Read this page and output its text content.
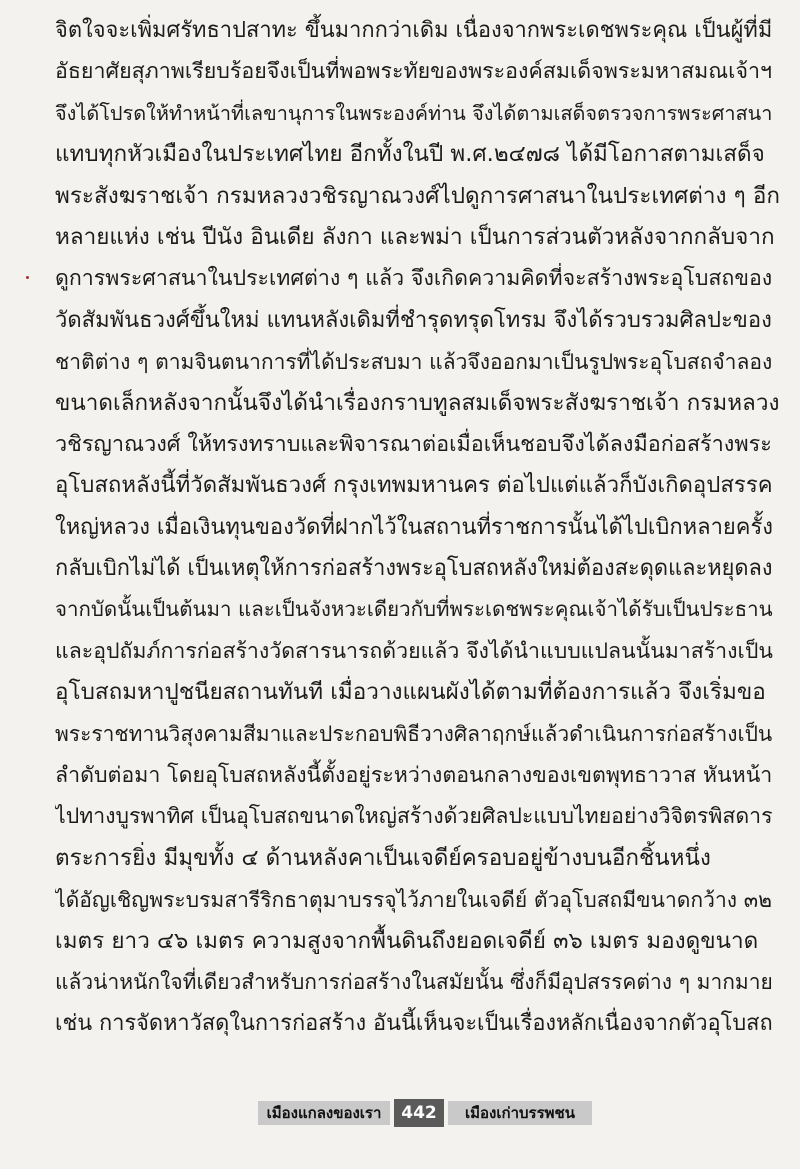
จิตใจจะเพิ่มศรัทธาปสาทะ ขึ้นมากกว่าเดิม เนื่องจากพระเดชพระคุณ เป็นผู้ที่มี
อัธยาศัยสุภาพเรียบร้อยจึงเป็นที่พอพระทัยของพระองค์สมเด็จพระมหาสมณเจ้าฯ
จึงได้โปรดให้ทำหน้าที่เลขานุการในพระองค์ท่าน จึงได้ตามเสด็จตรวจการพระศาสนา
แทบทุกหัวเมืองในประเทศไทย อีกทั้งในปี พ.ศ.๒๔๗๘ ได้มีโอกาสตามเสด็จ
พระสังฆราชเจ้า กรมหลวงวชิรญาณวงศ์ไปดูการศาสนาในประเทศต่าง ๆ อีก
หลายแห่ง เช่น ปีนัง อินเดีย ลังกา และพม่า เป็นการส่วนตัวหลังจากกลับจาก
ดูการพระศาสนาในประเทศต่าง ๆ แล้ว จึงเกิดความคิดที่จะสร้างพระอุโบสถของ
วัดสัมพันธวงศ์ขึ้นใหม่ แทนหลังเดิมที่ชำรุดทรุดโทรม จึงได้รวบรวมศิลปะของ
ชาติต่าง ๆ ตามจินตนาการที่ได้ประสบมา แล้วจึงออกมาเป็นรูปพระอุโบสถจำลอง
ขนาดเล็กหลังจากนั้นจึงได้นำเรื่องกราบทูลสมเด็จพระสังฆราชเจ้า กรมหลวง
วชิรญาณวงศ์ ให้ทรงทราบและพิจารณาต่อเมื่อเห็นชอบจึงได้ลงมือก่อสร้างพระ
อุโบสถหลังนี้ที่วัดสัมพันธวงศ์ กรุงเทพมหานคร ต่อไปแต่แล้วก็บังเกิดอุปสรรค
ใหญ่หลวง เมื่อเงินทุนของวัดที่ฝากไว้ในสถานที่ราชการนั้นได้ไปเบิกหลายครั้ง
กลับเบิกไม่ได้ เป็นเหตุให้การก่อสร้างพระอุโบสถหลังใหม่ต้องสะดุดและหยุดลง
จากบัดนั้นเป็นต้นมา และเป็นจังหวะเดียวกับที่พระเดชพระคุณเจ้าได้รับเป็นประธาน
และอุปถัมภ์การก่อสร้างวัดสารนารถด้วยแล้ว จึงได้นำแบบแปลนนั้นมาสร้างเป็น
อุโบสถมหาปูชนียสถานทันที เมื่อวางแผนผังได้ตามที่ต้องการแล้ว จึงเริ่มขอ
พระราชทานวิสุงคามสีมาและประกอบพิธีวางศิลาฤกษ์แล้วดำเนินการก่อสร้างเป็น
ลำดับต่อมา โดยอุโบสถหลังนี้ตั้งอยู่ระหว่างตอนกลางของเขตพุทธาวาส หันหน้า
ไปทางบูรพาทิศ เป็นอุโบสถขนาดใหญ่สร้างด้วยศิลปะแบบไทยอย่างวิจิตรพิสดาร
ตระการยิ่ง มีมุขทั้ง ๔ ด้านหลังคาเป็นเจดีย์ครอบอยู่ข้างบนอีกชิ้นหนึ่ง
ได้อัญเชิญพระบรมสารีริกธาตุมาบรรจุไว้ภายในเจดีย์ ตัวอุโบสถมีขนาดกว้าง ๓๒
เมตร ยาว ๔๖ เมตร ความสูงจากพื้นดินถึงยอดเจดีย์ ๓๖ เมตร มองดูขนาด
แล้วน่าหนักใจที่เดียวสำหรับการก่อสร้างในสมัยนั้น ซึ่งก็มีอุปสรรคต่าง ๆ มากมาย
เช่น การจัดหาวัสดุในการก่อสร้าง อันนี้เห็นจะเป็นเรื่องหลักเนื่องจากตัวอุโบสถ
เมืองแกลงของเรา	442	เมืองเก่าบรรพชน
